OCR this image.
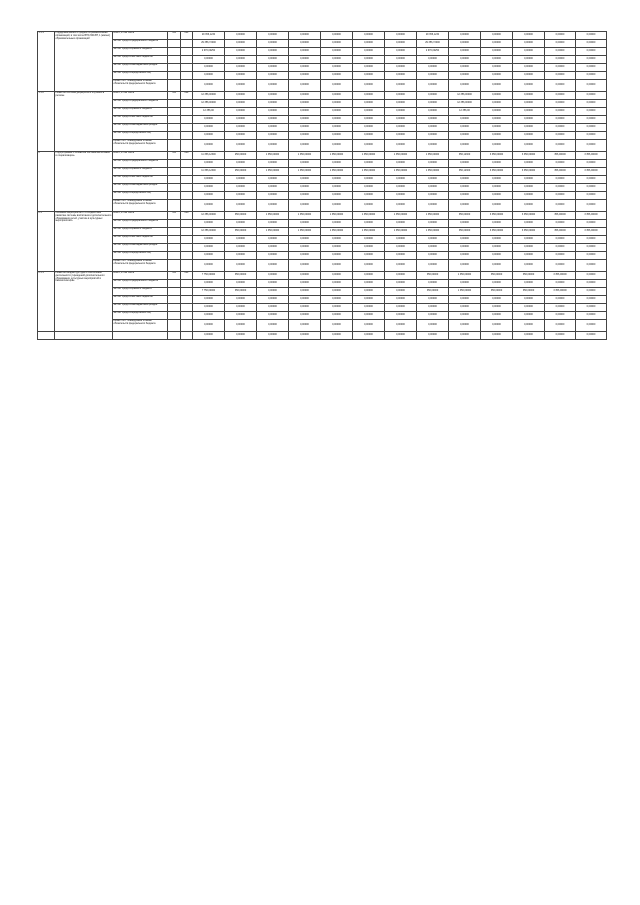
1.1.1	Поддержка малых и средних образовательных организаций, в том числе ВПС-500-ВТ, 1 (малых) образовательных организаций	Всего, в том числе	511	001	29 356,1234	0,00000	0,00000	0,00000	0,00000	0,00000	0,00000	29 356,1234	0,00000	0,00000	0,00000	0,00000	0,00000
		за счет средств федерального бюджета			29 356,72000	0,00000	0,00000	0,00000	0,00000	0,00000	0,00000	29 356,72000	0,00000	0,00000	0,00000	0,00000	0,00000
		за счет средств краевого бюджета			2 970,00254	0,00000	0,00000	0,00000	0,00000	0,00000	0,00000	2 970,00254	0,00000	0,00000	0,00000	0,00000	0,00000
		за счет средств местных бюджетов			0,00000	0,00000	0,00000	0,00000	0,00000	0,00000	0,00000	0,00000	0,00000	0,00000	0,00000	0,00000	0,00000
		за счет средств внебюджетных фондов			0,00000	0,00000	0,00000	0,00000	0,00000	0,00000	0,00000	0,00000	0,00000	0,00000	0,00000	0,00000	0,00000
		за счет средств юридических лиц			0,00000	0,00000	0,00000	0,00000	0,00000	0,00000	0,00000	0,00000	0,00000	0,00000	0,00000	0,00000	0,00000
		Кроме того: планируемые объемы обязательств федерального бюджета			0,00000	0,00000	0,00000	0,00000	0,00000	0,00000	0,00000	0,00000	0,00000	0,00000	0,00000	0,00000	0,00000
1.1.2	Развитие системы дефицитного обучения в регионе	Всего, в том числе	511	002	12 356,00000	0,00000	0,00000	0,00000	0,00000	0,00000	0,00000	0,00000	12 356,00000	0,00000	0,00000	0,00000	0,00000
		за счет средств федерального бюджета			12 356,00000	0,00000	0,00000	0,00000	0,00000	0,00000	0,00000	0,00000	12 356,00000	0,00000	0,00000	0,00000	0,00000
		за счет средств краевого бюджета			12 356,00	0,00000	0,00000	0,00000	0,00000	0,00000	0,00000	0,00000	12 356,00	0,00000	0,00000	0,00000	0,00000
		за счет средств местных бюджетов			0,00000	0,00000	0,00000	0,00000	0,00000	0,00000	0,00000	0,00000	0,00000	0,00000	0,00000	0,00000	0,00000
		за счет средств внебюджетных фондов			0,00000	0,00000	0,00000	0,00000	0,00000	0,00000	0,00000	0,00000	0,00000	0,00000	0,00000	0,00000	0,00000
		за счет средств юридических лиц			0,00000	0,00000	0,00000	0,00000	0,00000	0,00000	0,00000	0,00000	0,00000	0,00000	0,00000	0,00000	0,00000
		Кроме того: планируемые объемы обязательств федерального бюджета			0,00000	0,00000	0,00000	0,00000	0,00000	0,00000	0,00000	0,00000	0,00000	0,00000	0,00000	0,00000	0,00000
2	Подпрограмма 2 «Развитие системы воспитания и социализации»	Всего, в том числе	511	000	11 356,12300	256,00000	1 356,00000	1 356,00000	1 356,00000	1 356,00000	1 356,00000	1 356,00000	356,12300	3 356,00000	3 356,00000	356,00000	3 356,00000
		за счет средств федерального бюджета			0,00000	0,00000	0,00000	0,00000	0,00000	0,00000	0,00000	0,00000	0,00000	0,00000	0,00000	0,00000	0,00000
		за счет средств краевого бюджета			11 356,12300	256,00000	1 356,00000	1 356,00000	1 356,00000	1 356,00000	1 356,00000	1 356,00000	356,12300	3 356,00000	3 356,00000	356,00000	3 356,00000
		за счет средств местных бюджетов			0,00000	0,00000	0,00000	0,00000	0,00000	0,00000	0,00000	0,00000	0,00000	0,00000	0,00000	0,00000	0,00000
		за счет средств внебюджетных фондов			0,00000	0,00000	0,00000	0,00000	0,00000	0,00000	0,00000	0,00000	0,00000	0,00000	0,00000	0,00000	0,00000
		за счет средств юридических лиц			0,00000	0,00000	0,00000	0,00000	0,00000	0,00000	0,00000	0,00000	0,00000	0,00000	0,00000	0,00000	0,00000
		Кроме того: планируемые объемы обязательств федерального бюджета			0,00000	0,00000	0,00000	0,00000	0,00000	0,00000	0,00000	0,00000	0,00000	0,00000	0,00000	0,00000	0,00000
2.1	Основное мероприятие 2.1 «Содействие развитию системы воспитания и дополнительного образования детей, участию в культурных мероприятиях»	Всего, в том числе	511	000	12 356,00000	356,00000	1 356,00000	1 356,00000	1 356,00000	1 356,00000	1 356,00000	1 356,00000	356,00000	3 356,00000	3 356,00000	356,00000	3 356,00000
		за счет средств федерального бюджета			0,00000	0,00000	0,00000	0,00000	0,00000	0,00000	0,00000	0,00000	0,00000	0,00000	0,00000	0,00000	0,00000
		за счет средств краевого бюджета			12 356,00000	356,00000	1 356,00000	1 356,00000	1 356,00000	1 356,00000	1 356,00000	1 356,00000	356,00000	3 356,00000	3 356,00000	356,00000	3 356,00000
		за счет средств местных бюджетов			0,00000	0,00000	0,00000	0,00000	0,00000	0,00000	0,00000	0,00000	0,00000	0,00000	0,00000	0,00000	0,00000
		за счет средств внебюджетных фондов			0,00000	0,00000	0,00000	0,00000	0,00000	0,00000	0,00000	0,00000	0,00000	0,00000	0,00000	0,00000	0,00000
		за счет средств юридических лиц			0,00000	0,00000	0,00000	0,00000	0,00000	0,00000	0,00000	0,00000	0,00000	0,00000	0,00000	0,00000	0,00000
		Кроме того: планируемые объемы обязательств федерального бюджета			0,00000	0,00000	0,00000	0,00000	0,00000	0,00000	0,00000	0,00000	0,00000	0,00000	0,00000	0,00000	0,00000
2.1.1	Развитие инфраструктуры и обеспечение деятельности учреждений дополнительного образования, культурных мероприятий в Камчатском крае	Всего, в том числе	511	001	7 756,00000	356,00000	0,00000	0,00000	0,00000	0,00000	0,00000	356,00000	1 356,00000	356,00000	356,00000	3 356,00000	0,00000
		за счет средств федерального бюджета			0,00000	0,00000	0,00000	0,00000	0,00000	0,00000	0,00000	0,00000	0,00000	0,00000	0,00000	0,00000	0,00000
		за счет средств краевого бюджета			7 756,00000	356,00000	0,00000	0,00000	0,00000	0,00000	0,00000	356,00000	1 356,00000	356,00000	356,00000	3 356,00000	0,00000
		за счет средств местных бюджетов			0,00000	0,00000	0,00000	0,00000	0,00000	0,00000	0,00000	0,00000	0,00000	0,00000	0,00000	0,00000	0,00000
		за счет средств внебюджетных фондов			0,00000	0,00000	0,00000	0,00000	0,00000	0,00000	0,00000	0,00000	0,00000	0,00000	0,00000	0,00000	0,00000
		за счет средств юридических лиц			0,00000	0,00000	0,00000	0,00000	0,00000	0,00000	0,00000	0,00000	0,00000	0,00000	0,00000	0,00000	0,00000
		Кроме того: планируемые объемы обязательств федерального бюджета			0,00000	0,00000	0,00000	0,00000	0,00000	0,00000	0,00000	0,00000	0,00000	0,00000	0,00000	0,00000	0,00000
					0,00000	0,00000	0,00000	0,00000	0,00000	0,00000	0,00000	0,00000	0,00000	0,00000	0,00000	0,00000	0,00000
